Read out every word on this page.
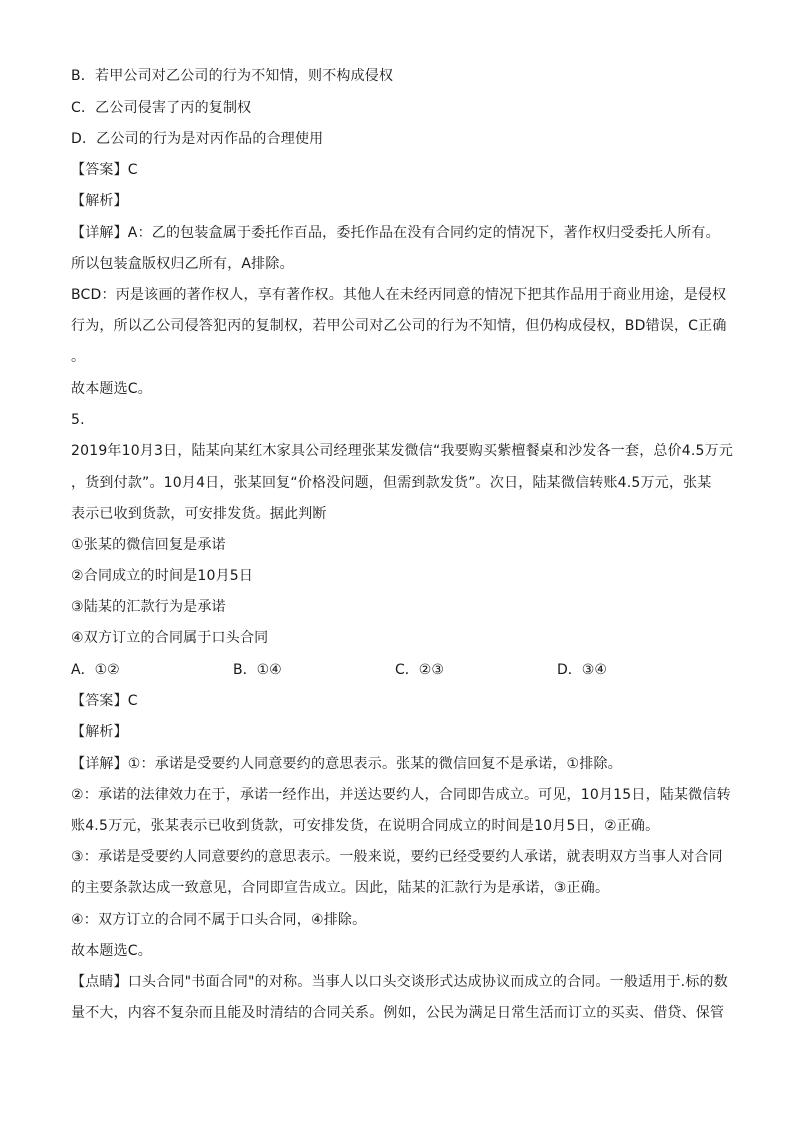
B．若甲公司对乙公司的行为不知情，则不构成侵权
C．乙公司侵害了丙的复制权
D．乙公司的行为是对丙作品的合理使用
【答案】C
【解析】
【详解】A：乙的包装盒属于委托作百品，委托作品在没有合同约定的情况下，著作权归受委托人所有。
所以包装盒版权归乙所有，A排除。
BCD：丙是该画的著作权人，享有著作权。其他人在未经丙同意的情况下把其作品用于商业用途，是侵权
行为，所以乙公司侵答犯丙的复制权，若甲公司对乙公司的行为不知情，但仍构成侵权，BD错误，C正确
。
故本题选C。
5.
2019年10月3日，陆某向某红木家具公司经理张某发微信“我要购买紫檀餐桌和沙发各一套，总价4.5万元
，货到付款”。10月4日，张某回复“价格没问题，但需到款发货”。次日，陆某微信转账4.5万元，张某
表示已收到货款，可安排发货。据此判断
①张某的微信回复是承诺
②合同成立的时间是10月5日
③陆某的汇款行为是承诺
④双方订立的合同属于口头合同
A．①②	B．①④	C．②③	D．③④
【答案】C
【解析】
【详解】①：承诺是受要约人同意要约的意思表示。张某的微信回复不是承诺，①排除。
②：承诺的法律效力在于，承诺一经作出，并送达要约人，合同即告成立。可见，10月15日，陆某微信转
账4.5万元，张某表示已收到货款，可安排发货，在说明合同成立的时间是10月5日，②正确。
③：承诺是受要约人同意要约的意思表示。一般来说，要约已经受要约人承诺，就表明双方当事人对合同
的主要条款达成一致意见，合同即宣告成立。因此，陆某的汇款行为是承诺，③正确。
④：双方订立的合同不属于口头合同，④排除。
故本题选C。
【点睛】口头合同"书面合同"的对称。当事人以口头交谈形式达成协议而成立的合同。一般适用于.标的数
量不大，内容不复杂而且能及时清结的合同关系。例如，公民为满足日常生活而订立的买卖、借贷、保管
